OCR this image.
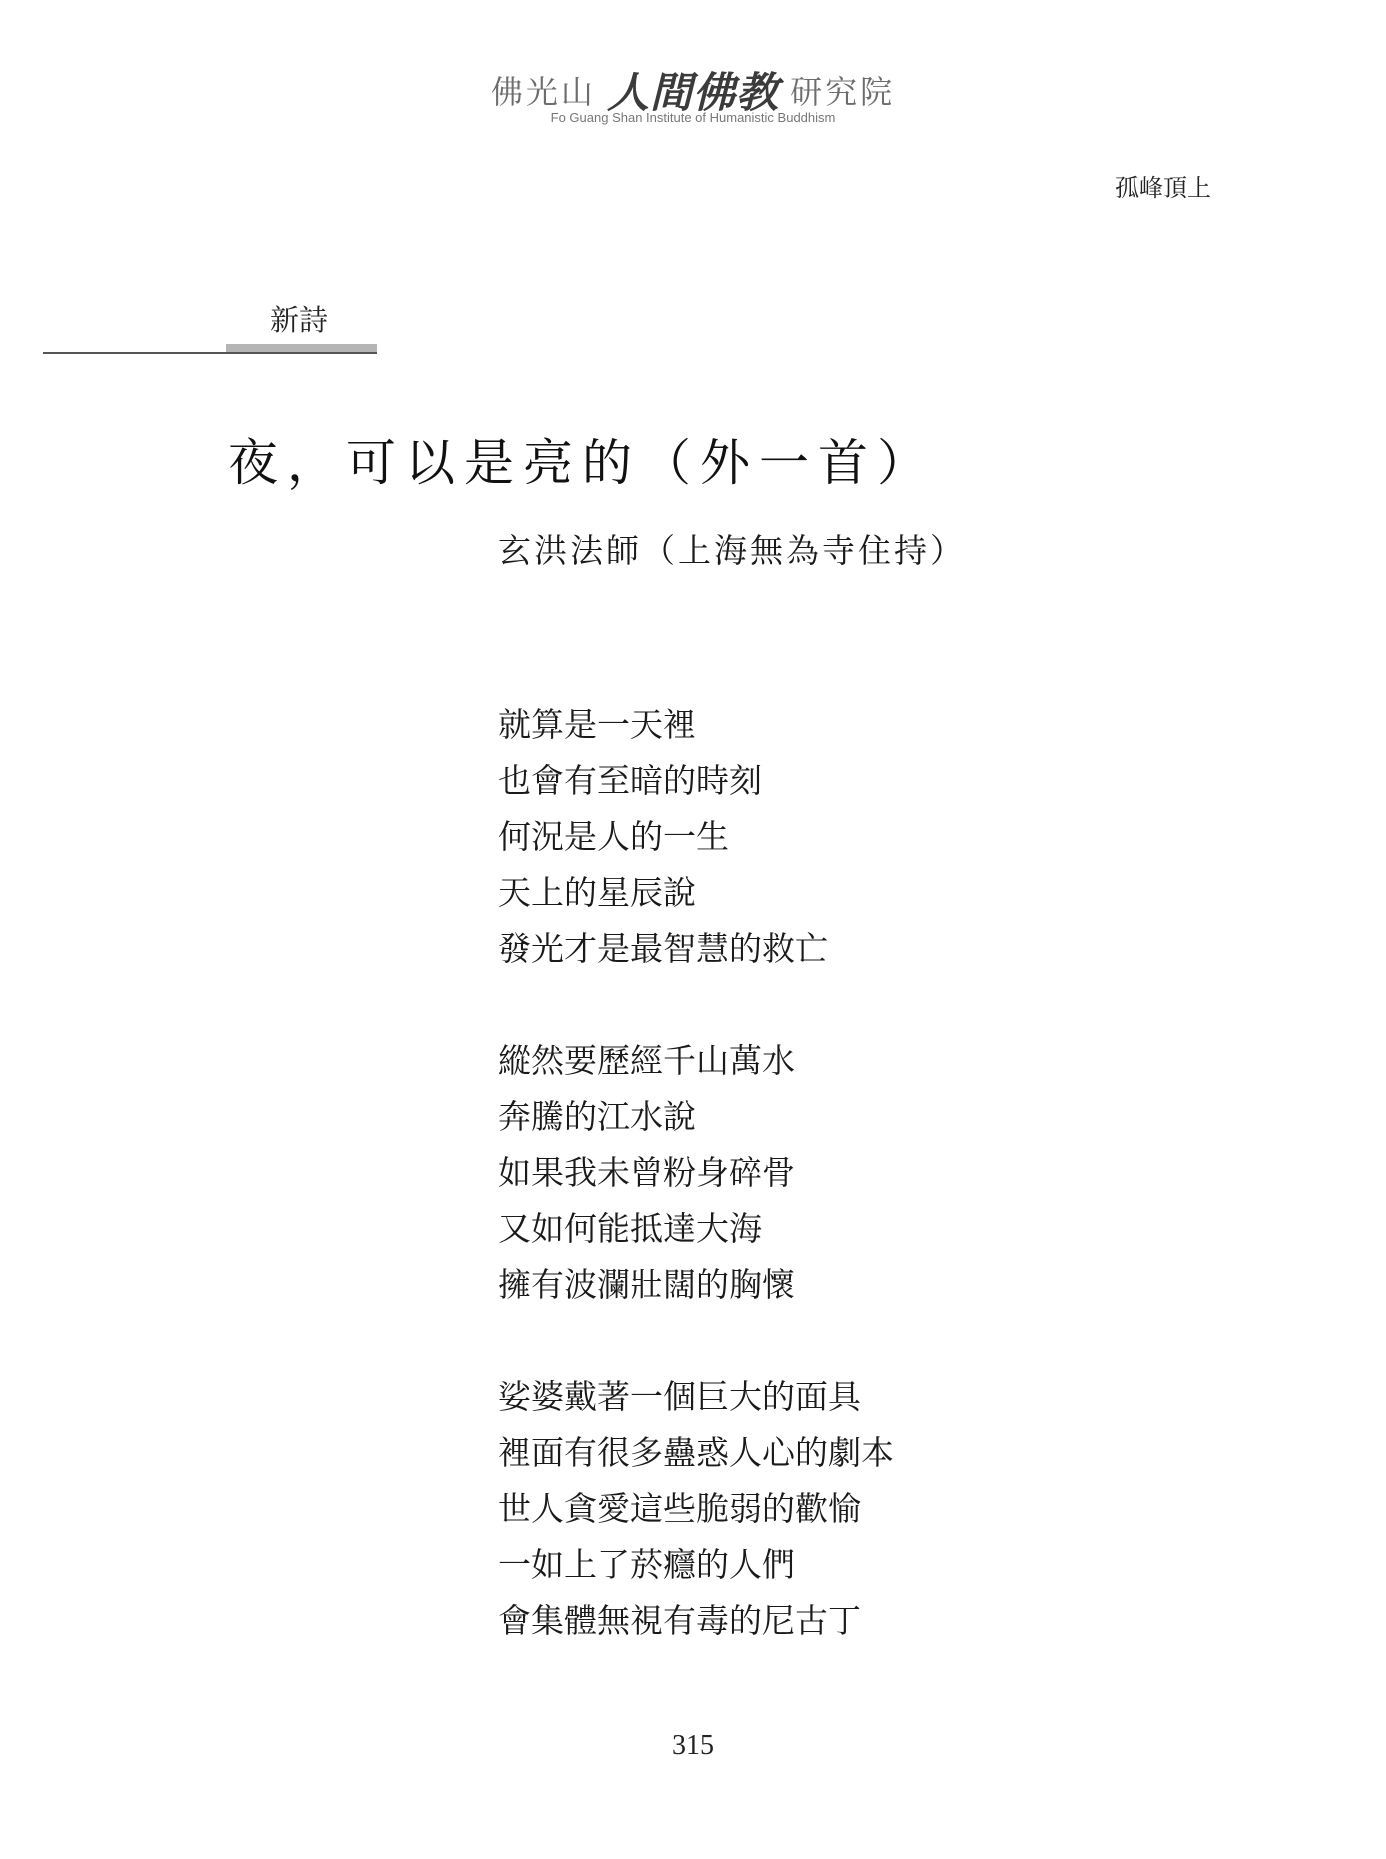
佛光山 人間佛教 研究院
Fo Guang Shan Institute of Humanistic Buddhism
孤峰頂上
新詩
夜，可以是亮的（外一首）
玄洪法師（上海無為寺住持）
就算是一天裡
也會有至暗的時刻
何況是人的一生
天上的星辰說
發光才是最智慧的救亡
縱然要歷經千山萬水
奔騰的江水說
如果我未曾粉身碎骨
又如何能抵達大海
擁有波瀾壯闊的胸懷
娑婆戴著一個巨大的面具
裡面有很多蠱惑人心的劇本
世人貪愛這些脆弱的歡愉
一如上了菸癮的人們
會集體無視有毒的尼古丁
315
